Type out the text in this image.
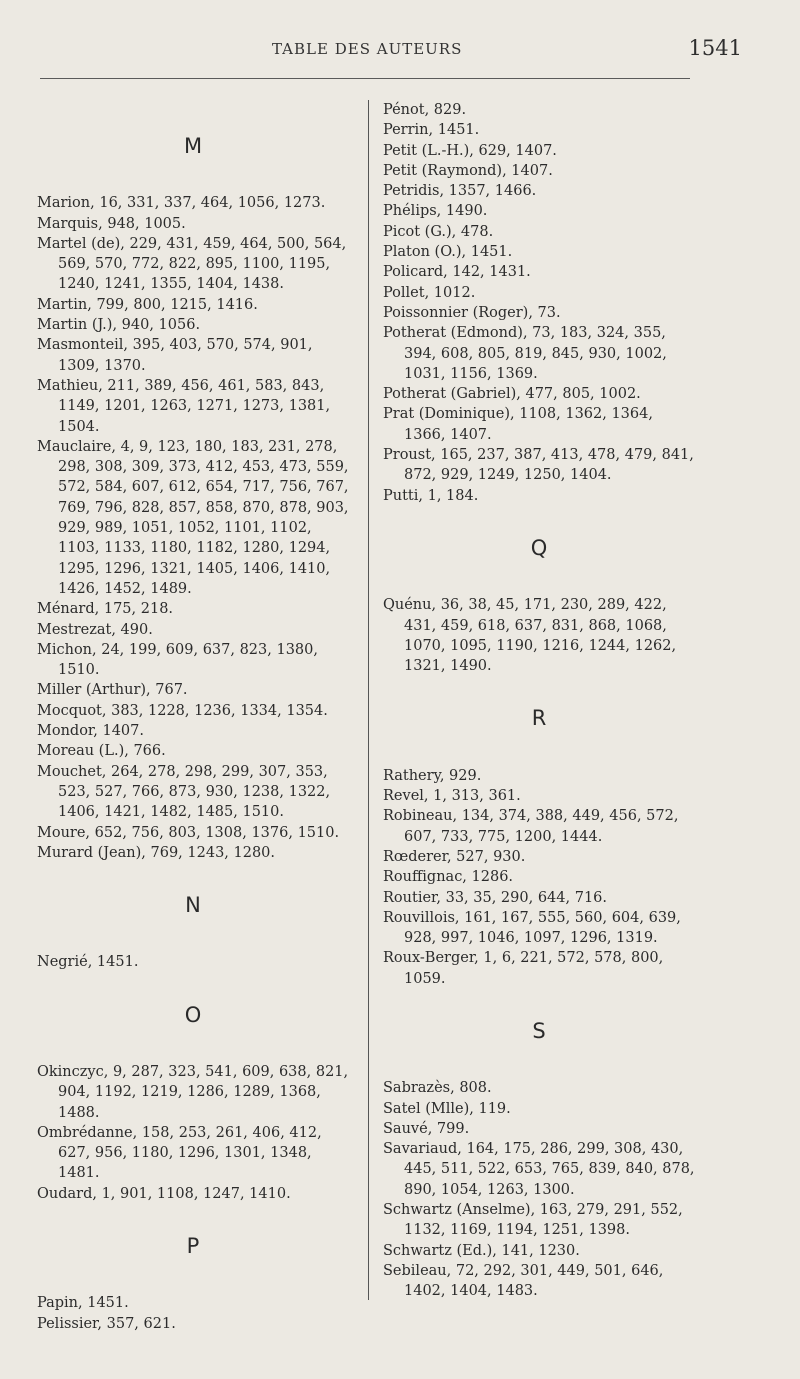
TABLE DES AUTEURS	1541
M
Marion, 16, 331, 337, 464, 1056, 1273.
Marquis, 948, 1005.
Martel (de), 229, 431, 459, 464, 500, 564, 569, 570, 772, 822, 895, 1100, 1195, 1240, 1241, 1355, 1404, 1438.
Martin, 799, 800, 1215, 1416.
Martin (J.), 940, 1056.
Masmonteil, 395, 403, 570, 574, 901, 1309, 1370.
Mathieu, 211, 389, 456, 461, 583, 843, 1149, 1201, 1263, 1271, 1273, 1381, 1504.
Mauclaire, 4, 9, 123, 180, 183, 231, 278, 298, 308, 309, 373, 412, 453, 473, 559, 572, 584, 607, 612, 654, 717, 756, 767, 769, 796, 828, 857, 858, 870, 878, 903, 929, 989, 1051, 1052, 1101, 1102, 1103, 1133, 1180, 1182, 1280, 1294, 1295, 1296, 1321, 1405, 1406, 1410, 1426, 1452, 1489.
Ménard, 175, 218.
Mestrezat, 490.
Michon, 24, 199, 609, 637, 823, 1380, 1510.
Miller (Arthur), 767.
Mocquot, 383, 1228, 1236, 1334, 1354.
Mondor, 1407.
Moreau (L.), 766.
Mouchet, 264, 278, 298, 299, 307, 353, 523, 527, 766, 873, 930, 1238, 1322, 1406, 1421, 1482, 1485, 1510.
Moure, 652, 756, 803, 1308, 1376, 1510.
Murard (Jean), 769, 1243, 1280.
N
Negrié, 1451.
O
Okinczyc, 9, 287, 323, 541, 609, 638, 821, 904, 1192, 1219, 1286, 1289, 1368, 1488.
Ombrédanne, 158, 253, 261, 406, 412, 627, 956, 1180, 1296, 1301, 1348, 1481.
Oudard, 1, 901, 1108, 1247, 1410.
P
Papin, 1451.
Pelissier, 357, 621.
Pénot, 829.
Perrin, 1451.
Petit (L.-H.), 629, 1407.
Petit (Raymond), 1407.
Petridis, 1357, 1466.
Phélips, 1490.
Picot (G.), 478.
Platon (O.), 1451.
Policard, 142, 1431.
Pollet, 1012.
Poissonnier (Roger), 73.
Potherat (Edmond), 73, 183, 324, 355, 394, 608, 805, 819, 845, 930, 1002, 1031, 1156, 1369.
Potherat (Gabriel), 477, 805, 1002.
Prat (Dominique), 1108, 1362, 1364, 1366, 1407.
Proust, 165, 237, 387, 413, 478, 479, 841, 872, 929, 1249, 1250, 1404.
Putti, 1, 184.
Q
Quénu, 36, 38, 45, 171, 230, 289, 422, 431, 459, 618, 637, 831, 868, 1068, 1070, 1095, 1190, 1216, 1244, 1262, 1321, 1490.
R
Rathery, 929.
Revel, 1, 313, 361.
Robineau, 134, 374, 388, 449, 456, 572, 607, 733, 775, 1200, 1444.
Rœderer, 527, 930.
Rouffignac, 1286.
Routier, 33, 35, 290, 644, 716.
Rouvillois, 161, 167, 555, 560, 604, 639, 928, 997, 1046, 1097, 1296, 1319.
Roux-Berger, 1, 6, 221, 572, 578, 800, 1059.
S
Sabrazès, 808.
Satel (Mlle), 119.
Sauvé, 799.
Savariaud, 164, 175, 286, 299, 308, 430, 445, 511, 522, 653, 765, 839, 840, 878, 890, 1054, 1263, 1300.
Schwartz (Anselme), 163, 279, 291, 552, 1132, 1169, 1194, 1251, 1398.
Schwartz (Ed.), 141, 1230.
Sebileau, 72, 292, 301, 449, 501, 646, 1402, 1404, 1483.
